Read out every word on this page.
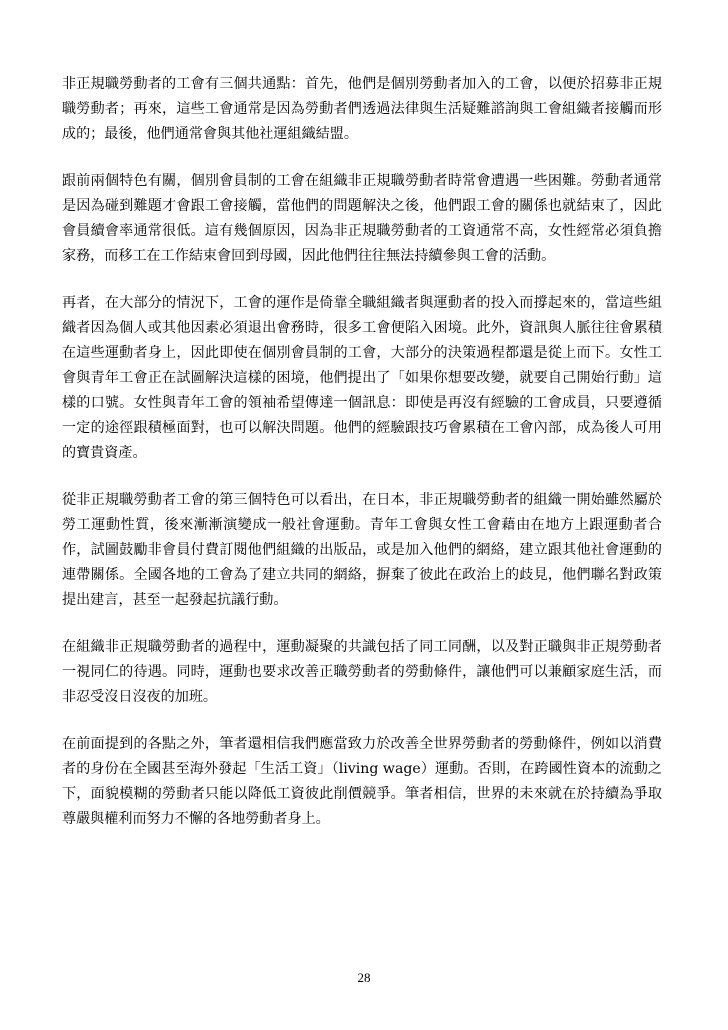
非正規職勞動者的工會有三個共通點：首先，他們是個別勞動者加入的工會，以便於招募非正規職勞動者；再來，這些工會通常是因為勞動者們透過法律與生活疑難諮詢與工會組織者接觸而形成的；最後，他們通常會與其他社運組織結盟。

跟前兩個特色有關，個別會員制的工會在組織非正規職勞動者時常會遭遇一些困難。勞動者通常是因為碰到難題才會跟工會接觸，當他們的問題解決之後，他們跟工會的關係也就結束了，因此會員續會率通常很低。這有幾個原因，因為非正規職勞動者的工資通常不高，女性經常必須負擔家務，而移工在工作結束會回到母國，因此他們往往無法持續參與工會的活動。

再者，在大部分的情況下，工會的運作是倚靠全職組織者與運動者的投入而撐起來的，當這些組織者因為個人或其他因素必須退出會務時，很多工會便陷入困境。此外，資訊與人脈往往會累積在這些運動者身上，因此即使在個別會員制的工會，大部分的決策過程都還是從上而下。女性工會與青年工會正在試圖解決這樣的困境，他們提出了「如果你想要改變，就要自己開始行動」這樣的口號。女性與青年工會的領袖希望傳達一個訊息：即使是再沒有經驗的工會成員，只要遵循一定的途徑跟積極面對，也可以解決問題。他們的經驗跟技巧會累積在工會內部，成為後人可用的寶貴資產。

從非正規職勞動者工會的第三個特色可以看出，在日本，非正規職勞動者的組織一開始雖然屬於勞工運動性質，後來漸漸演變成一般社會運動。青年工會與女性工會藉由在地方上跟運動者合作，試圖鼓勵非會員付費訂閱他們組織的出版品，或是加入他們的網絡，建立跟其他社會運動的連帶關係。全國各地的工會為了建立共同的網絡，摒棄了彼此在政治上的歧見，他們聯名對政策提出建言，甚至一起發起抗議行動。

在組織非正規職勞動者的過程中，運動凝聚的共識包括了同工同酬，以及對正職與非正規勞動者一視同仁的待遇。同時，運動也要求改善正職勞動者的勞動條件，讓他們可以兼顧家庭生活，而非忍受沒日沒夜的加班。

在前面提到的各點之外，筆者還相信我們應當致力於改善全世界勞動者的勞動條件，例如以消費者的身份在全國甚至海外發起「生活工資」（living wage）運動。否則，在跨國性資本的流動之下，面貌模糊的勞動者只能以降低工資彼此削價競爭。筆者相信，世界的未來就在於持續為爭取尊嚴與權利而努力不懈的各地勞動者身上。

28
